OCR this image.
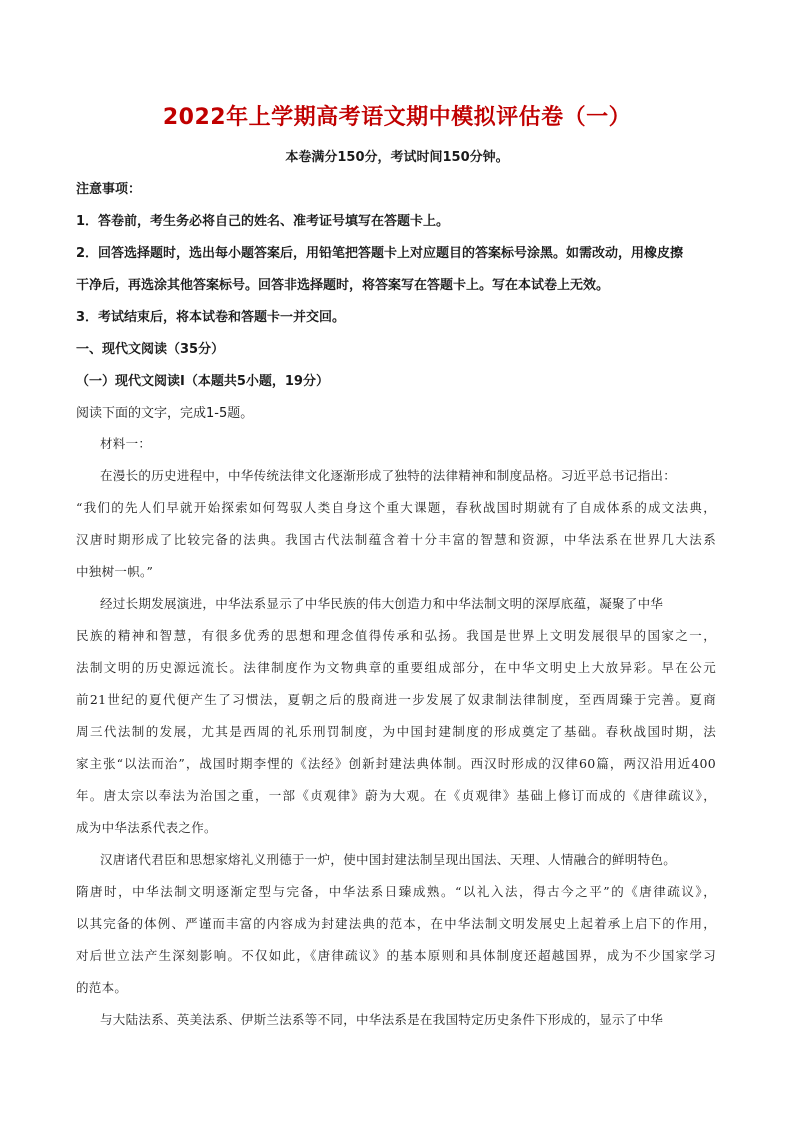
2022年上学期高考语文期中模拟评估卷（一）
本卷满分150分，考试时间150分钟。
注意事项：
1．答卷前，考生务必将自己的姓名、准考证号填写在答题卡上。
2．回答选择题时，选出每小题答案后，用铅笔把答题卡上对应题目的答案标号涂黑。如需改动，用橡皮擦
干净后，再选涂其他答案标号。回答非选择题时，将答案写在答题卡上。写在本试卷上无效。
3．考试结束后，将本试卷和答题卡一并交回。
一、现代文阅读（35分）
（一）现代文阅读Ⅰ（本题共5小题，19分）
阅读下面的文字，完成1-5题。
材料一：
在漫长的历史进程中，中华传统法律文化逐渐形成了独特的法律精神和制度品格。习近平总书记指出：
“我们的先人们早就开始探索如何驾驭人类自身这个重大课题，春秋战国时期就有了自成体系的成文法典，
汉唐时期形成了比较完备的法典。我国古代法制蕴含着十分丰富的智慧和资源，中华法系在世界几大法系
中独树一帜。”
经过长期发展演进，中华法系显示了中华民族的伟大创造力和中华法制文明的深厚底蕴，凝聚了中华
民族的精神和智慧，有很多优秀的思想和理念值得传承和弘扬。我国是世界上文明发展很早的国家之一，
法制文明的历史源远流长。法律制度作为文物典章的重要组成部分，在中华文明史上大放异彩。早在公元
前21世纪的夏代便产生了习惯法，夏朝之后的殷商进一步发展了奴隶制法律制度，至西周臻于完善。夏商
周三代法制的发展，尤其是西周的礼乐刑罚制度，为中国封建制度的形成奠定了基础。春秋战国时期，法
家主张“以法而治”，战国时期李悝的《法经》创新封建法典体制。西汉时形成的汉律60篇，两汉沿用近400
年。唐太宗以奉法为治国之重，一部《贞观律》蔚为大观。在《贞观律》基础上修订而成的《唐律疏议》，
成为中华法系代表之作。
汉唐诸代君臣和思想家熔礼义刑德于一炉，使中国封建法制呈现出国法、天理、人情融合的鲜明特色。
隋唐时，中华法制文明逐渐定型与完备，中华法系日臻成熟。“以礼入法，得古今之平”的《唐律疏议》，
以其完备的体例、严谨而丰富的内容成为封建法典的范本，在中华法制文明发展史上起着承上启下的作用，
对后世立法产生深刻影响。不仅如此，《唐律疏议》的基本原则和具体制度还超越国界，成为不少国家学习
的范本。
与大陆法系、英美法系、伊斯兰法系等不同，中华法系是在我国特定历史条件下形成的，显示了中华
